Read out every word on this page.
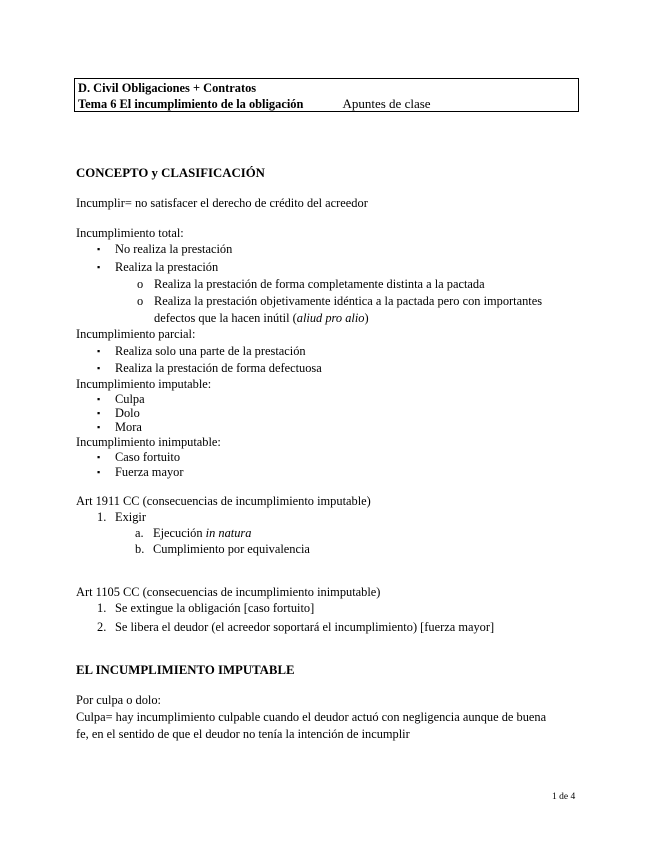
D. Civil Obligaciones + Contratos
Tema 6 El incumplimiento de la obligación	Apuntes de clase
CONCEPTO y CLASIFICACIÓN
Incumplir= no satisfacer el derecho de crédito del acreedor
Incumplimiento total:
▪ No realiza la prestación
▪ Realiza la prestación
o Realiza la prestación de forma completamente distinta a la pactada
o Realiza la prestación objetivamente idéntica a la pactada pero con importantes
defectos que la hacen inútil (aliud pro alio)
Incumplimiento parcial:
▪ Realiza solo una parte de la prestación
▪ Realiza la prestación de forma defectuosa
Incumplimiento imputable:
▪ Culpa
▪ Dolo
▪ Mora
Incumplimiento inimputable:
▪ Caso fortuito
▪ Fuerza mayor
Art 1911 CC (consecuencias de incumplimiento imputable)
1. Exigir
a. Ejecución in natura
b. Cumplimiento por equivalencia
Art 1105 CC (consecuencias de incumplimiento inimputable)
1. Se extingue la obligación [caso fortuito]
2. Se libera el deudor (el acreedor soportará el incumplimiento) [fuerza mayor]
EL INCUMPLIMIENTO IMPUTABLE
Por culpa o dolo:
Culpa= hay incumplimiento culpable cuando el deudor actuó con negligencia aunque de buena
fe, en el sentido de que el deudor no tenía la intención de incumplir
1 de 4
